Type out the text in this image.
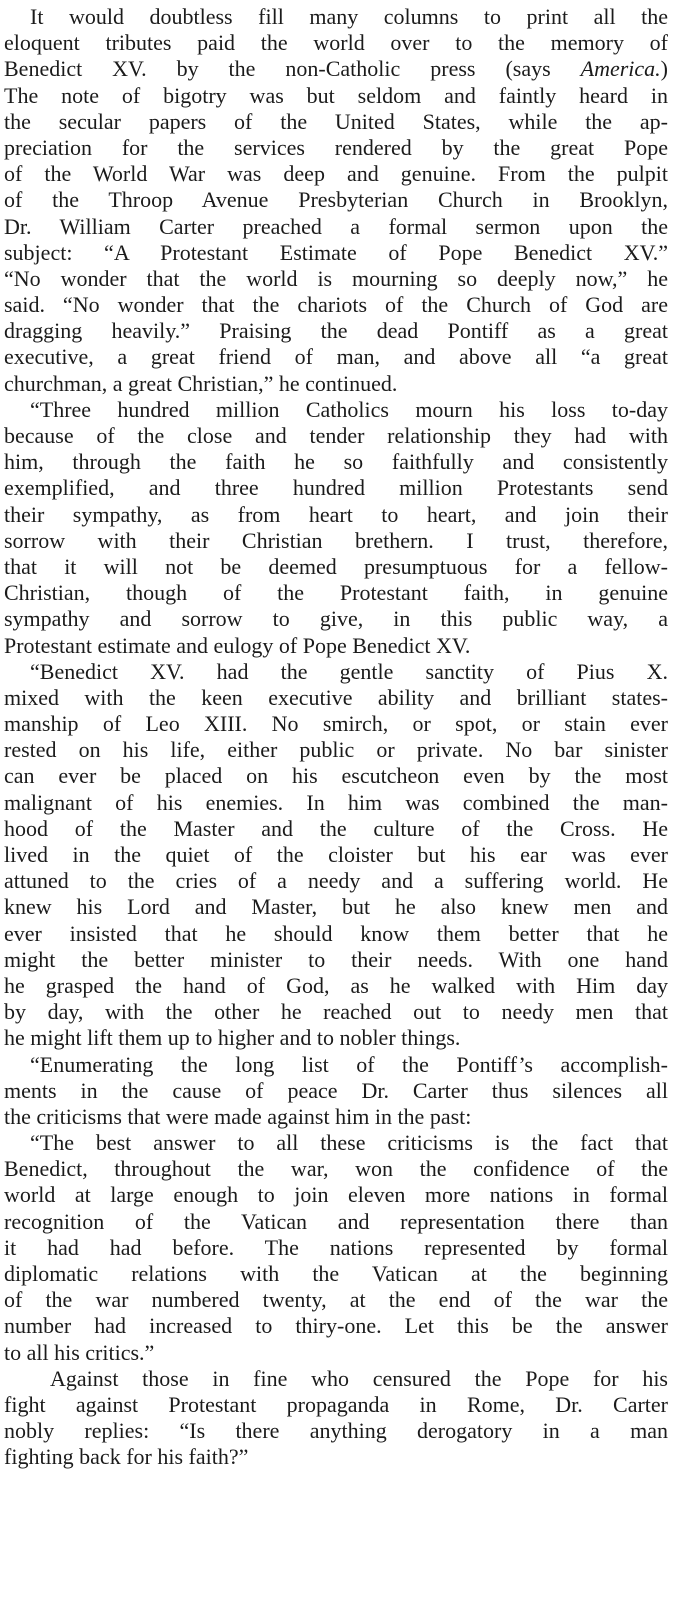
It would doubtless fill many columns to print all the
eloquent tributes paid the world over to the memory of
Benedict XV. by the non-Catholic press (says America.)
The note of bigotry was but seldom and faintly heard in
the secular papers of the United States, while the ap-
preciation for the services rendered by the great Pope
of the World War was deep and genuine. From the pulpit
of the Throop Avenue Presbyterian Church in Brooklyn,
Dr. William Carter preached a formal sermon upon the
subject: “A Protestant Estimate of Pope Benedict XV.”
“No wonder that the world is mourning so deeply now,” he
said. “No wonder that the chariots of the Church of God are
dragging heavily.” Praising the dead Pontiff as a great
executive, a great friend of man, and above all “a great
churchman, a great Christian,” he continued.
“Three hundred million Catholics mourn his loss to-day
because of the close and tender relationship they had with
him, through the faith he so faithfully and consistently
exemplified, and three hundred million Protestants send
their sympathy, as from heart to heart, and join their
sorrow with their Christian brethern. I trust, therefore,
that it will not be deemed presumptuous for a fellow-
Christian, though of the Protestant faith, in genuine
sympathy and sorrow to give, in this public way, a
Protestant estimate and eulogy of Pope Benedict XV.
“Benedict XV. had the gentle sanctity of Pius X.
mixed with the keen executive ability and brilliant states-
manship of Leo XIII. No smirch, or spot, or stain ever
rested on his life, either public or private. No bar sinister
can ever be placed on his escutcheon even by the most
malignant of his enemies. In him was combined the man-
hood of the Master and the culture of the Cross. He
lived in the quiet of the cloister but his ear was ever
attuned to the cries of a needy and a suffering world. He
knew his Lord and Master, but he also knew men and
ever insisted that he should know them better that he
might the better minister to their needs. With one hand
he grasped the hand of God, as he walked with Him day
by day, with the other he reached out to needy men that
he might lift them up to higher and to nobler things.
“Enumerating the long list of the Pontiff’s accomplish-
ments in the cause of peace Dr. Carter thus silences all
the criticisms that were made against him in the past:
“The best answer to all these criticisms is the fact that
Benedict, throughout the war, won the confidence of the
world at large enough to join eleven more nations in formal
recognition of the Vatican and representation there than
it had had before. The nations represented by formal
diplomatic relations with the Vatican at the beginning
of the war numbered twenty, at the end of the war the
number had increased to thiry-one. Let this be the answer
to all his critics.”
Against those in fine who censured the Pope for his
fight against Protestant propaganda in Rome, Dr. Carter
nobly replies: “Is there anything derogatory in a man
fighting back for his faith?”
